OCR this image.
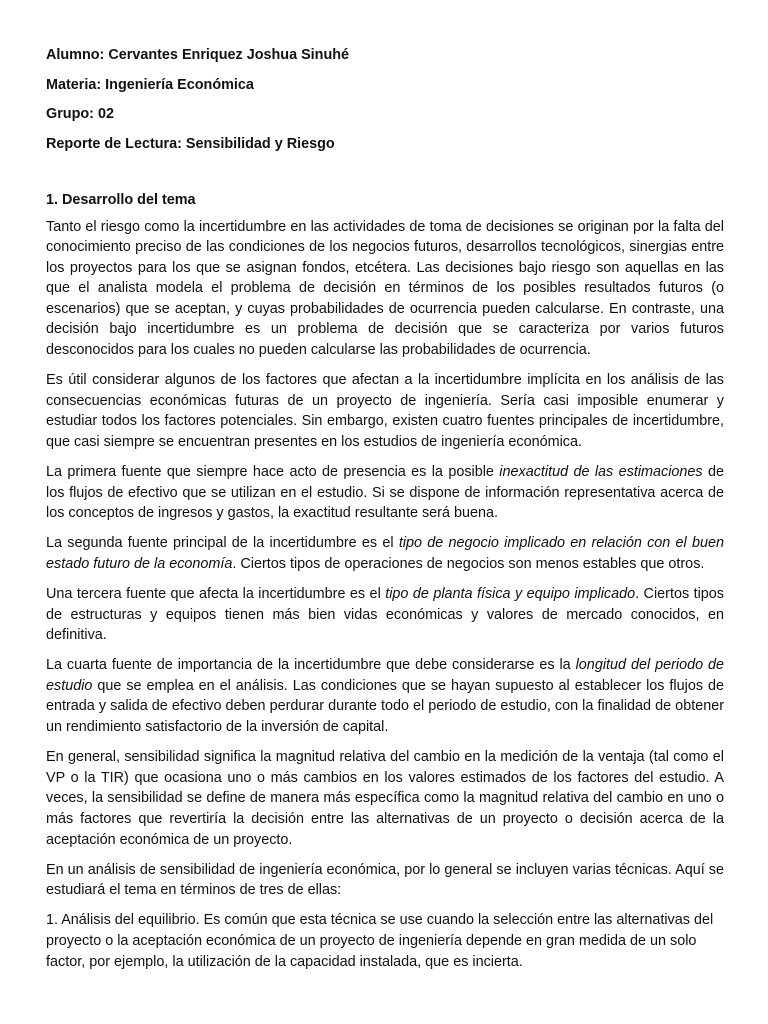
Alumno: Cervantes Enriquez Joshua Sinuhé
Materia: Ingeniería Económica
Grupo: 02
Reporte de Lectura: Sensibilidad y Riesgo
1. Desarrollo del tema

Tanto el riesgo como la incertidumbre en las actividades de toma de decisiones se originan por la falta del conocimiento preciso de las condiciones de los negocios futuros, desarrollos tecnológicos, sinergias entre los proyectos para los que se asignan fondos, etcétera. Las decisiones bajo riesgo son aquellas en las que el analista modela el problema de decisión en términos de los posibles resultados futuros (o escenarios) que se aceptan, y cuyas probabilidades de ocurrencia pueden calcularse. En contraste, una decisión bajo incertidumbre es un problema de decisión que se caracteriza por varios futuros desconocidos para los cuales no pueden calcularse las probabilidades de ocurrencia.

Es útil considerar algunos de los factores que afectan a la incertidumbre implícita en los análisis de las consecuencias económicas futuras de un proyecto de ingeniería. Sería casi imposible enumerar y estudiar todos los factores potenciales. Sin embargo, existen cuatro fuentes principales de incertidumbre, que casi siempre se encuentran presentes en los estudios de ingeniería económica.

La primera fuente que siempre hace acto de presencia es la posible inexactitud de las estimaciones de los flujos de efectivo que se utilizan en el estudio. Si se dispone de información representativa acerca de los conceptos de ingresos y gastos, la exactitud resultante será buena.

La segunda fuente principal de la incertidumbre es el tipo de negocio implicado en relación con el buen estado futuro de la economía. Ciertos tipos de operaciones de negocios son menos estables que otros.

Una tercera fuente que afecta la incertidumbre es el tipo de planta física y equipo implicado. Ciertos tipos de estructuras y equipos tienen más bien vidas económicas y valores de mercado conocidos, en definitiva.

La cuarta fuente de importancia de la incertidumbre que debe considerarse es la longitud del periodo de estudio que se emplea en el análisis. Las condiciones que se hayan supuesto al establecer los flujos de entrada y salida de efectivo deben perdurar durante todo el periodo de estudio, con la finalidad de obtener un rendimiento satisfactorio de la inversión de capital.

En general, sensibilidad significa la magnitud relativa del cambio en la medición de la ventaja (tal como el VP o la TIR) que ocasiona uno o más cambios en los valores estimados de los factores del estudio. A veces, la sensibilidad se define de manera más específica como la magnitud relativa del cambio en uno o más factores que revertiría la decisión entre las alternativas de un proyecto o decisión acerca de la aceptación económica de un proyecto.

En un análisis de sensibilidad de ingeniería económica, por lo general se incluyen varias técnicas. Aquí se estudiará el tema en términos de tres de ellas:

1. Análisis del equilibrio. Es común que esta técnica se use cuando la selección entre las alternativas del proyecto o la aceptación económica de un proyecto de ingeniería depende en gran medida de un solo factor, por ejemplo, la utilización de la capacidad instalada, que es incierta.
